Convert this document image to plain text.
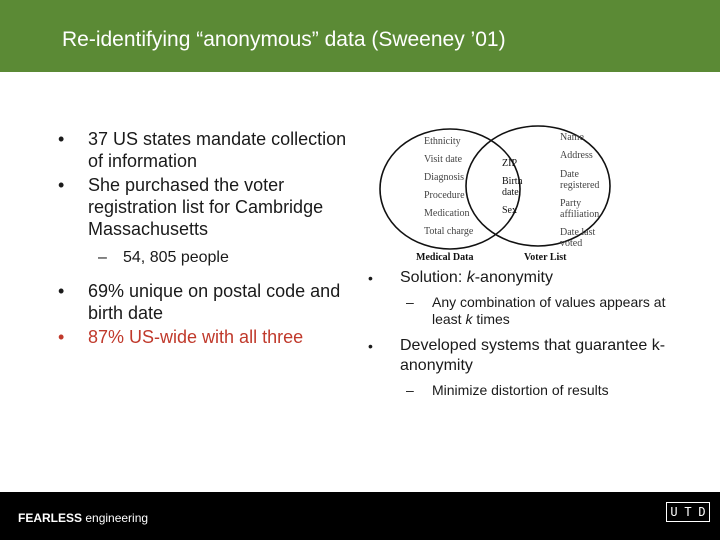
Re-identifying “anonymous” data (Sweeney ’01)
• 37 US states mandate collection of information
• She purchased the voter registration list for Cambridge Massachusetts
– 54, 805 people
• 69% unique on postal code and birth date
• 87% US-wide with all three
Ethnicity
Visit date
Diagnosis
Procedure
Medication
Total charge
ZIP
Birth
date
Sex
Name
Address
Date
registered
Party
affiliation
Date last
voted
Medical Data	Voter List
• Solution: k-anonymity
– Any combination of values appears at least k times
• Developed systems that guarantee k-anonymity
– Minimize distortion of results
FEARLESS engineering	U T D
